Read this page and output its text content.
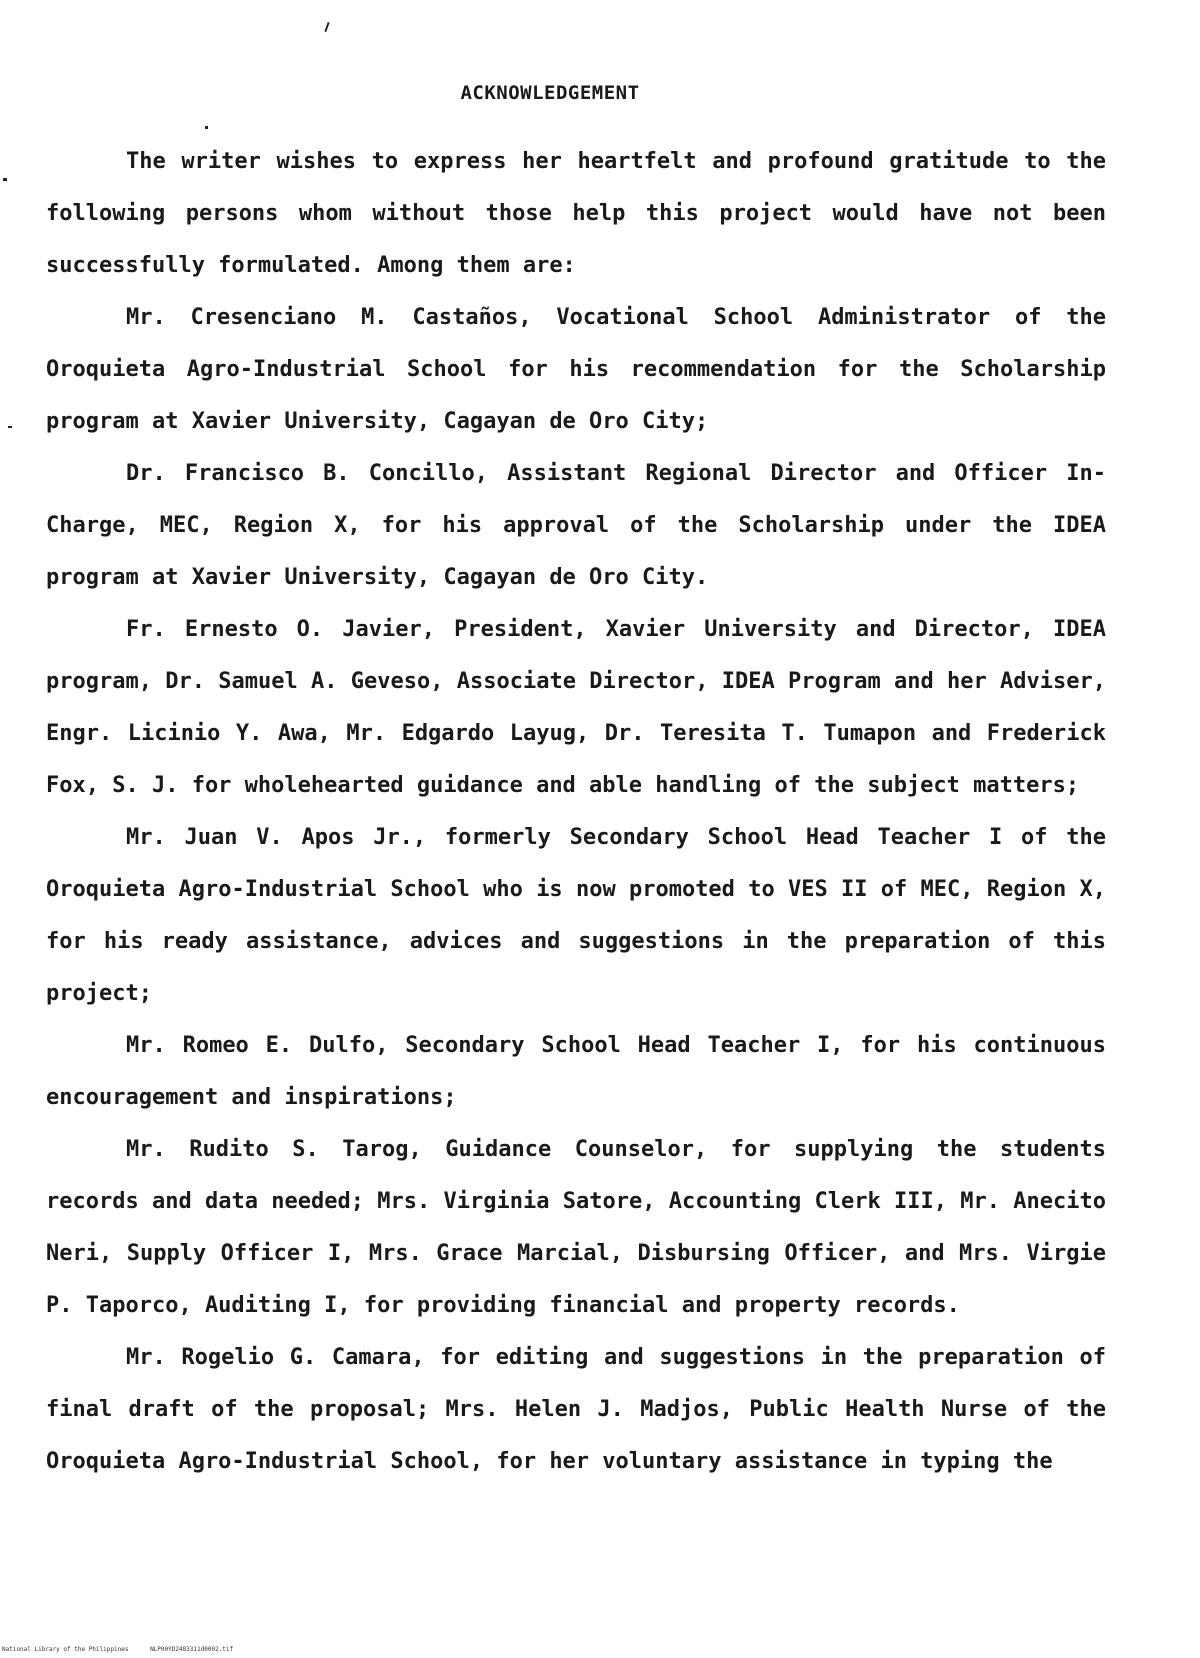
ACKNOWLEDGEMENT

The writer wishes to express her heartfelt and profound gratitude to the following persons whom without those help this project would have not been successfully formulated. Among them are:

Mr. Cresenciano M. Castaños, Vocational School Administrator of the Oroquieta Agro-Industrial School for his recommendation for the Scholarship program at Xavier University, Cagayan de Oro City;

Dr. Francisco B. Concillo, Assistant Regional Director and Officer In-Charge, MEC, Region X, for his approval of the Scholarship under the IDEA program at Xavier University, Cagayan de Oro City.

Fr. Ernesto O. Javier, President, Xavier University and Director, IDEA program, Dr. Samuel A. Geveso, Associate Director, IDEA Program and her Adviser, Engr. Licinio Y. Awa, Mr. Edgardo Layug, Dr. Teresita T. Tumapon and Frederick Fox, S. J. for wholehearted guidance and able handling of the subject matters;

Mr. Juan V. Apos Jr., formerly Secondary School Head Teacher I of the Oroquieta Agro-Industrial School who is now promoted to VES II of MEC, Region X, for his ready assistance, advices and suggestions in the preparation of this project;

Mr. Romeo E. Dulfo, Secondary School Head Teacher I, for his continuous encouragement and inspirations;

Mr. Rudito S. Tarog, Guidance Counselor, for supplying the students records and data needed; Mrs. Virginia Satore, Accounting Clerk III, Mr. Anecito Neri, Supply Officer I, Mrs. Grace Marcial, Disbursing Officer, and Mrs. Virgie P. Taporco, Auditing I, for providing financial and property records.

Mr. Rogelio G. Camara, for editing and suggestions in the preparation of final draft of the proposal; Mrs. Helen J. Madjos, Public Health Nurse of the Oroquieta Agro-Industrial School, for her voluntary assistance in typing the

National Library of the Philippines	NLP00YD2483311d0002.tif
